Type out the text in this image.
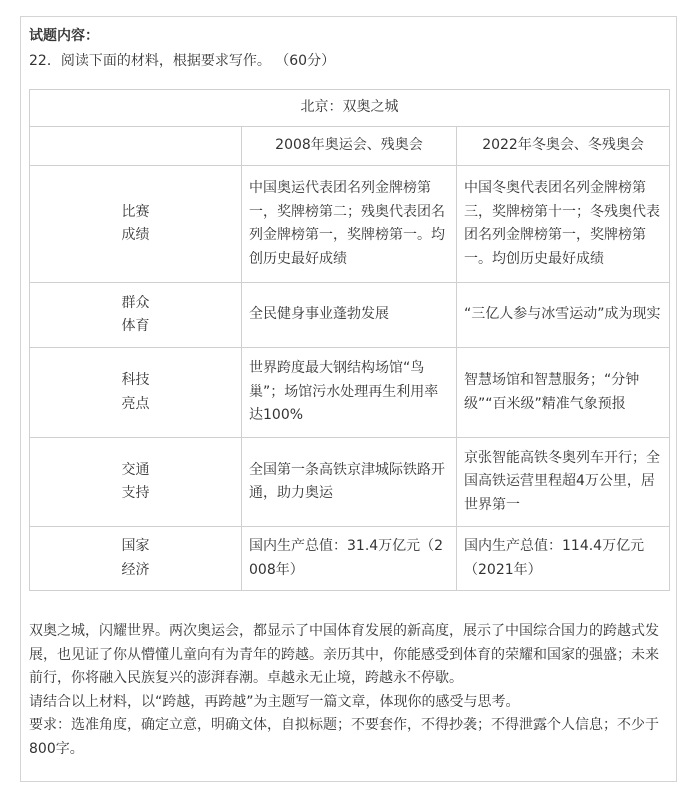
试题内容：
22．阅读下面的材料，根据要求写作。 （60分）
北京：双奥之城		
	2008年奥运会、残奥会	2022年冬奥会、冬残奥会

比赛
成绩	中国奥运代表团名列金牌榜第一，奖牌榜第二；残奥代表团名列金牌榜第一，奖牌榜第一。均创历史最好成绩	中国冬奥代表团名列金牌榜第三，奖牌榜第十一；冬残奥代表团名列金牌榜第一，奖牌榜第一。均创历史最好成绩

群众
体育	全民健身事业蓬勃发展	“三亿人参与冰雪运动”成为现实

科技
亮点	世界跨度最大钢结构场馆“鸟巢”；场馆污水处理再生利用率达100%	智慧场馆和智慧服务；“分钟级”“百米级”精准气象预报

交通
支持	全国第一条高铁京津城际铁路开通，助力奥运	京张智能高铁冬奥列车开行；全国高铁运营里程超4万公里，居世界第一

国家
经济	国内生产总值：31.4万亿元（2008年）	国内生产总值：114.4万亿元（2021年）

双奥之城，闪耀世界。两次奥运会，都显示了中国体育发展的新高度，展示了中国综合国力的跨越式发展，也见证了你从懵懂儿童向有为青年的跨越。亲历其中，你能感受到体育的荣耀和国家的强盛；未来前行，你将融入民族复兴的澎湃春潮。卓越永无止境，跨越永不停歇。

请结合以上材料，以“跨越，再跨越”为主题写一篇文章，体现你的感受与思考。

要求：选准角度，确定立意，明确文体，自拟标题；不要套作，不得抄袭；不得泄露个人信息；不少于800字。
